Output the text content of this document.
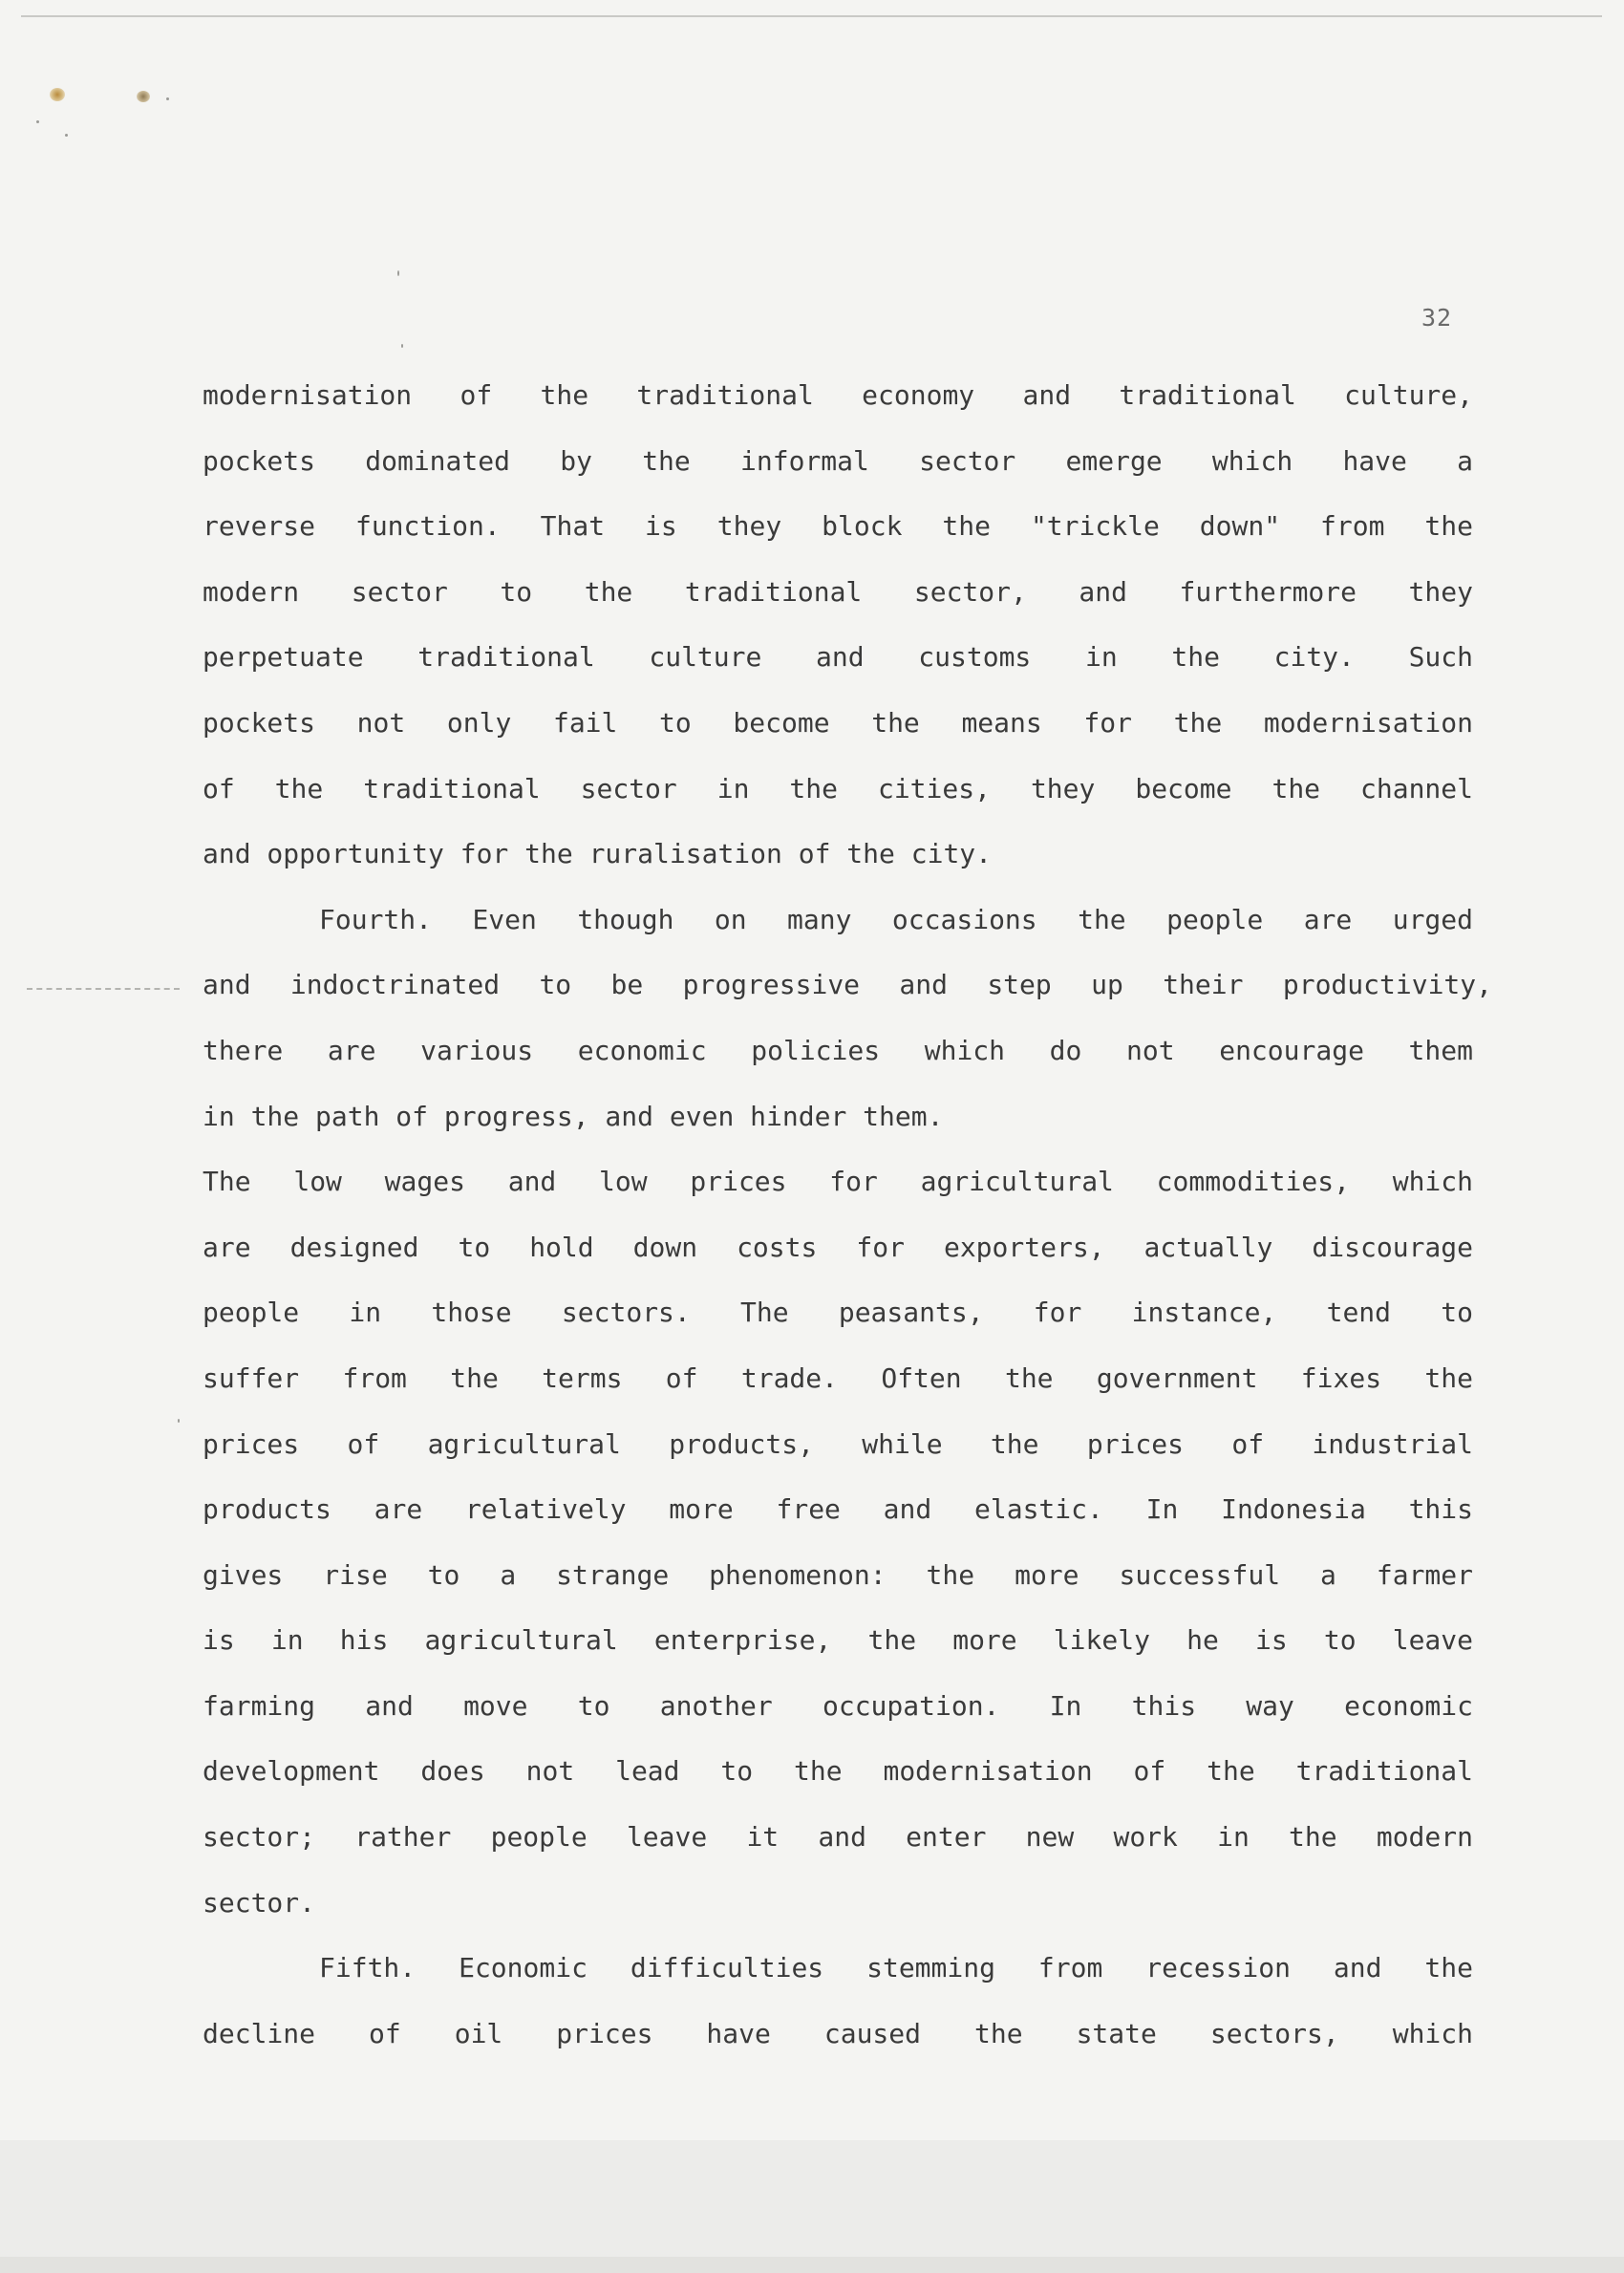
32
modernisation of the traditional economy and traditional culture,
pockets dominated by the informal sector emerge which have a
reverse function. That is they block the "trickle down" from the
modern sector to the traditional sector, and furthermore they
perpetuate traditional culture and customs in the city. Such
pockets not only fail to become the means for the modernisation
of the traditional sector in the cities, they become the channel
and opportunity for the ruralisation of the city.
Fourth. Even though on many occasions the people are urged
and indoctrinated to be progressive and step up their productivity,
there are various economic policies which do not encourage them
in the path of progress, and even hinder them.
The low wages and low prices for agricultural commodities, which
are designed to hold down costs for exporters, actually discourage
people in those sectors. The peasants, for instance, tend to
suffer from the terms of trade. Often the government fixes the
prices of agricultural products, while the prices of industrial
products are relatively more free and elastic. In Indonesia this
gives rise to a strange phenomenon: the more successful a farmer
is in his agricultural enterprise, the more likely he is to leave
farming and move to another occupation. In this way economic
development does not lead to the modernisation of the traditional
sector; rather people leave it and enter new work in the modern
sector.
Fifth. Economic difficulties stemming from recession and the
decline of oil prices have caused the state sectors, which
